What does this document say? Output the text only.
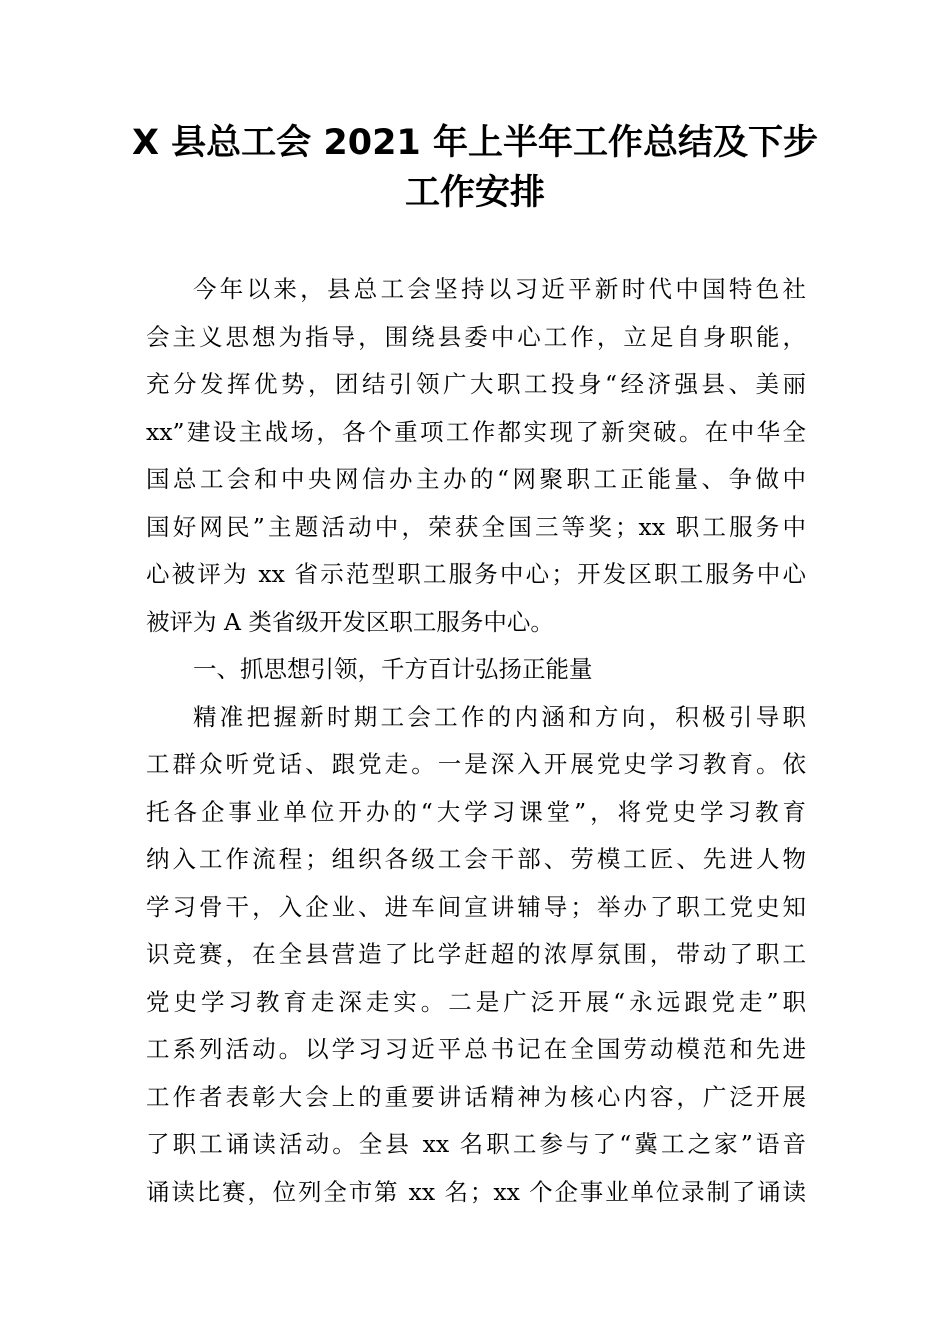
X 县总工会 2021 年上半年工作总结及下步
工作安排
今年以来，县总工会坚持以习近平新时代中国特色社
会主义思想为指导，围绕县委中心工作，立足自身职能，
充分发挥优势，团结引领广大职工投身“经济强县、美丽
xx”建设主战场，各个重项工作都实现了新突破。在中华全
国总工会和中央网信办主办的“网聚职工正能量、争做中
国好网民”主题活动中，荣获全国三等奖；xx 职工服务中
心被评为 xx 省示范型职工服务中心；开发区职工服务中心
被评为 A 类省级开发区职工服务中心。
一、抓思想引领，千方百计弘扬正能量
精准把握新时期工会工作的内涵和方向，积极引导职
工群众听党话、跟党走。一是深入开展党史学习教育。依
托各企事业单位开办的“大学习课堂”，将党史学习教育
纳入工作流程；组织各级工会干部、劳模工匠、先进人物
学习骨干，入企业、进车间宣讲辅导；举办了职工党史知
识竞赛，在全县营造了比学赶超的浓厚氛围，带动了职工
党史学习教育走深走实。二是广泛开展“永远跟党走”职
工系列活动。以学习习近平总书记在全国劳动模范和先进
工作者表彰大会上的重要讲话精神为核心内容，广泛开展
了职工诵读活动。全县 xx 名职工参与了“冀工之家”语音
诵读比赛，位列全市第 xx 名；xx 个企事业单位录制了诵读
